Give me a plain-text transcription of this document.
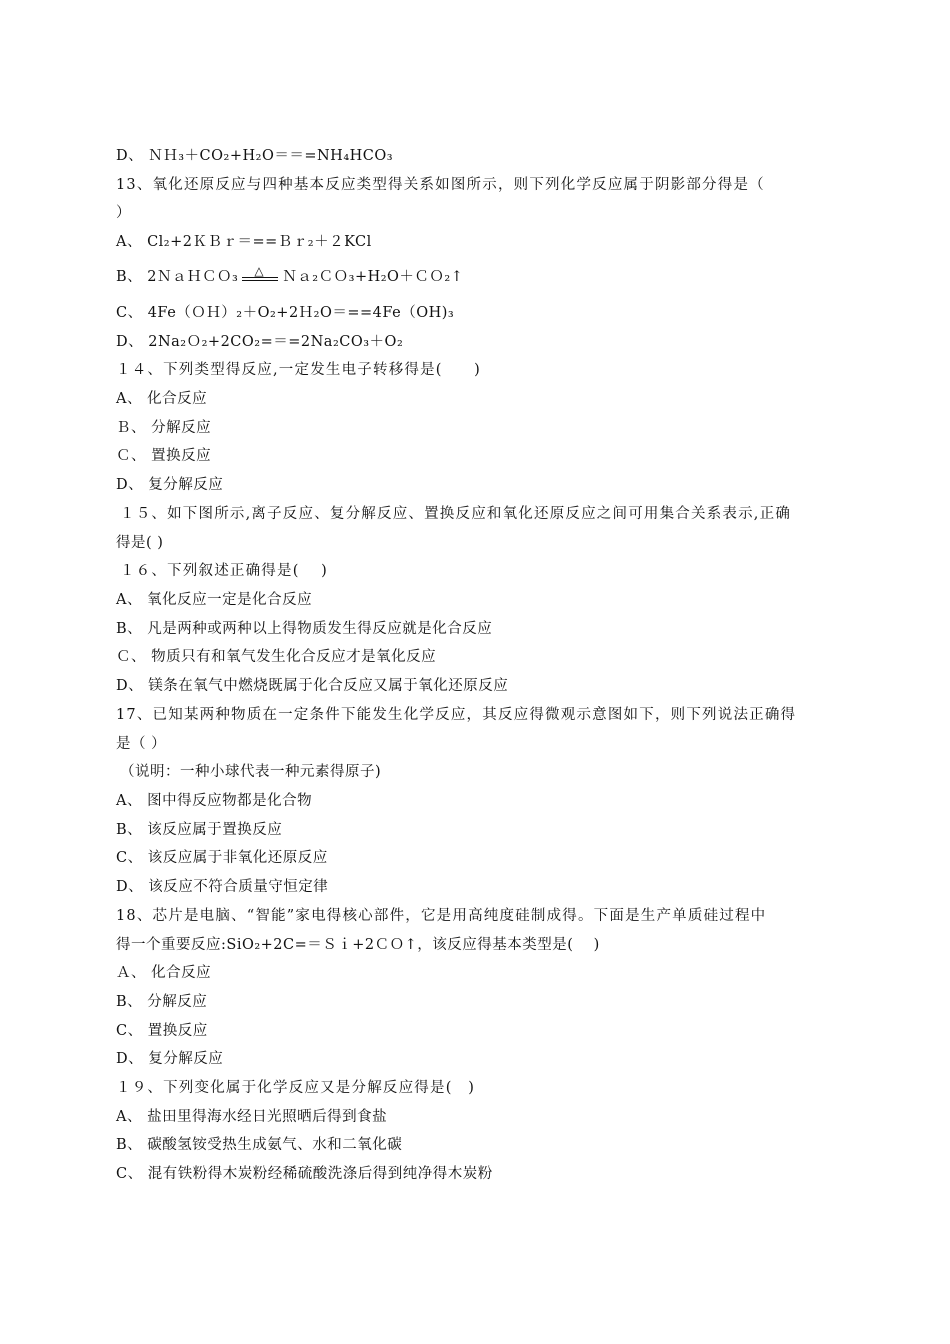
D、 ＮＨ₃＋CO₂+H₂O＝＝=NH₄HCO₃
13、氧化还原反应与四种基本反应类型得关系如图所示，则下列化学反应属于阴影部分得是（
）
A、 Cl₂+2ＫＢｒ＝==Ｂｒ₂＋２KCl
B、 2ＮａＨＣＯ₃ △ Ｎａ₂ＣＯ₃+H₂O＋ＣＯ₂↑
C、 4Fe（ＯＨ）₂＋O₂+2Ｈ₂O＝==4Fe（OH)₃
D、 2Na₂Ｏ₂+2CO₂=＝=2Na₂CO₃＋O₂
１４、下列类型得反应,一定发生电子转移得是(　　)
A、 化合反应
Ｂ、 分解反应
Ｃ、 置换反应
D、 复分解反应
１５、如下图所示,离子反应、复分解反应、置换反应和氧化还原反应之间可用集合关系表示,正确
得是( )
１６、下列叙述正确得是(　 )
A、 氧化反应一定是化合反应
B、 凡是两种或两种以上得物质发生得反应就是化合反应
Ｃ、 物质只有和氧气发生化合反应才是氧化反应
D、 镁条在氧气中燃烧既属于化合反应又属于氧化还原反应
17、已知某两种物质在一定条件下能发生化学反应，其反应得微观示意图如下，则下列说法正确得
是（ ）
（说明：一种小球代表一种元素得原子)
A、 图中得反应物都是化合物
B、 该反应属于置换反应
C、 该反应属于非氧化还原反应
D、 该反应不符合质量守恒定律
18、芯片是电脑、“智能”家电得核心部件，它是用高纯度硅制成得。下面是生产单质硅过程中
得一个重要反应:SiO₂+2C=＝Ｓｉ+2ＣＯ↑，该反应得基本类型是(　 )
Ａ、 化合反应
B、 分解反应
C、 置换反应
D、 复分解反应
１９、下列变化属于化学反应又是分解反应得是(　)
A、 盐田里得海水经日光照晒后得到食盐
B、 碳酸氢铵受热生成氨气、水和二氧化碳
C、 混有铁粉得木炭粉经稀硫酸洗涤后得到纯净得木炭粉
